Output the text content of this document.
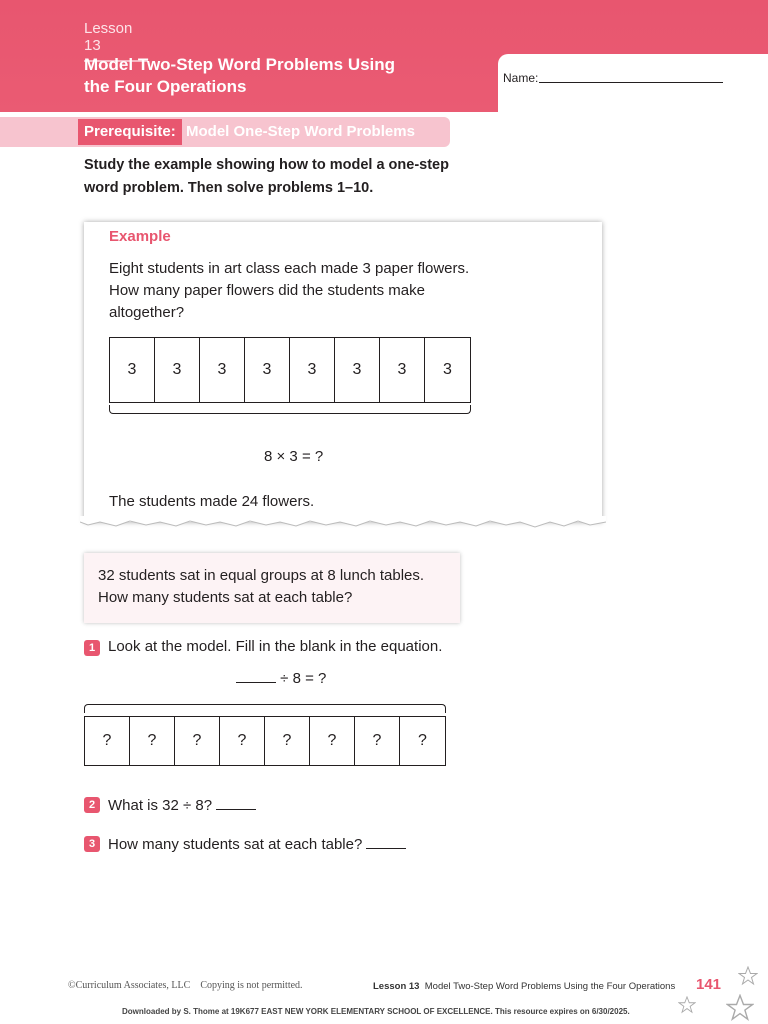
Lesson 13
Model Two-Step Word Problems Using
the Four Operations	Name:
Prerequisite: Model One-Step Word Problems
Study the example showing how to model a one-step
word problem. Then solve problems 1–10.
Example
Eight students in art class each made 3 paper flowers.
How many paper flowers did the students make
altogether?
3	3	3	3	3	3	3	3
8 × 3 = ?
The students made 24 flowers.
32 students sat in equal groups at 8 lunch tables.
How many students sat at each table?
1 Look at the model. Fill in the blank in the equation.
÷ 8 = ?
?	?	?	?	?	?	?	?
2 What is 32 ÷ 8?
3 How many students sat at each table?
©Curriculum Associates, LLC Copying is not permitted.	Lesson 13 Model Two-Step Word Problems Using the Four Operations 141
Downloaded by S. Thome at 19K677 EAST NEW YORK ELEMENTARY SCHOOL OF EXCELLENCE. This resource expires on 6/30/2025.
